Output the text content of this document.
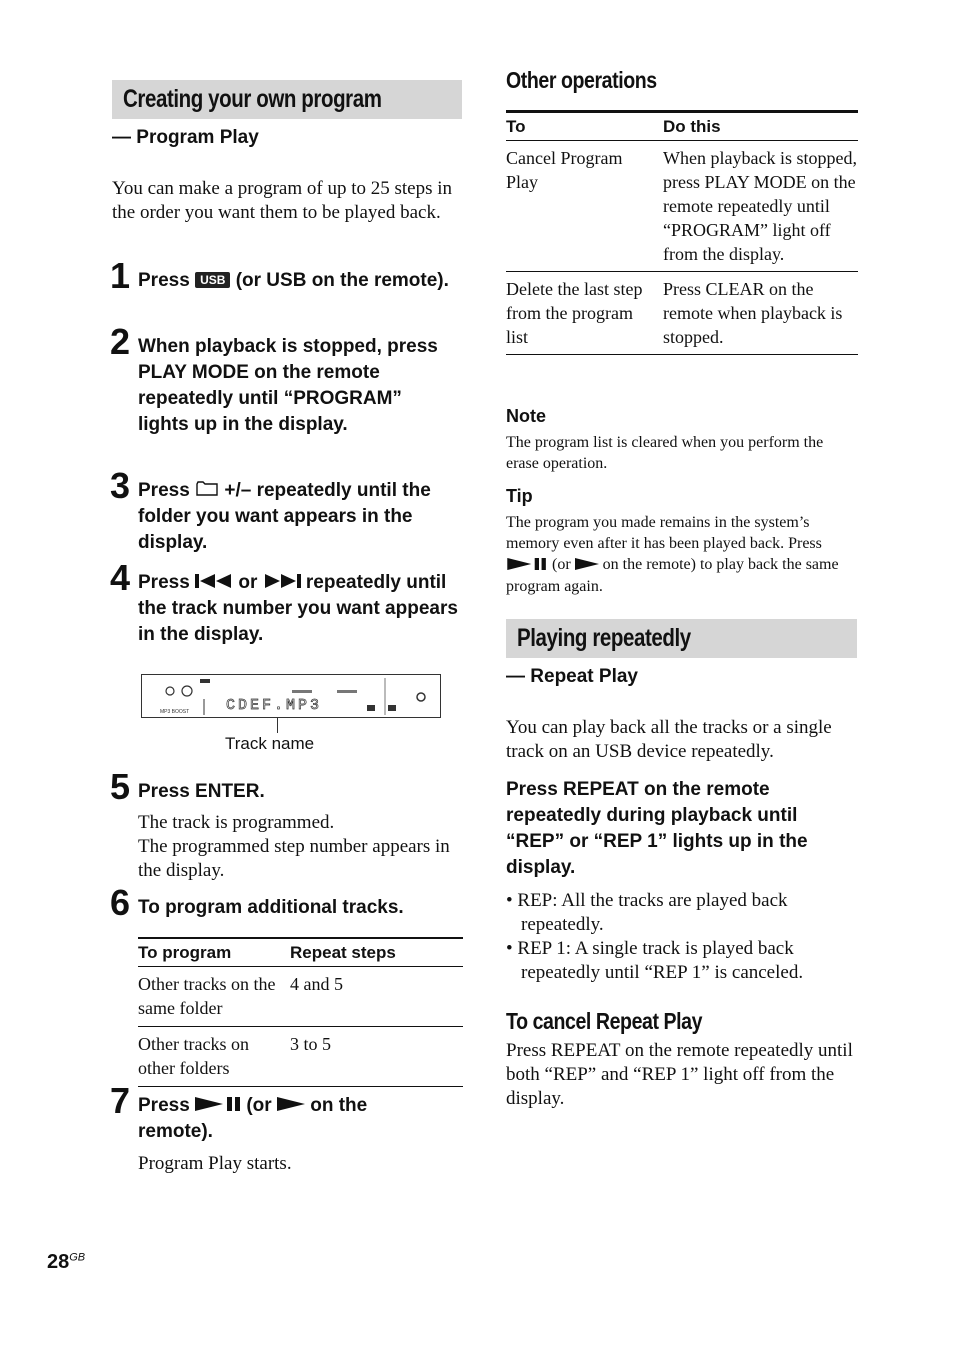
Creating your own program
— Program Play
You can make a program of up to 25 steps in the order you want them to be played back.
1 Press USB (or USB on the remote).
2 When playback is stopped, press PLAY MODE on the remote repeatedly until “PROGRAM” lights up in the display.
3 Press +/– repeatedly until the folder you want appears in the display.
4 Press	or	repeatedly until the track number you want appears in the display.
MP3 BOOST CDEF.MP3
Track name
5 Press ENTER.
The track is programmed.
The programmed step number appears in the display.
6 To program additional tracks.
To program	Repeat steps
Other tracks on the same folder	4 and 5
Other tracks on other folders	3 to 5
7 Press	(or on the remote).
Program Play starts.
Other operations
To	Do this
Cancel Program Play	When playback is stopped, press PLAY MODE on the remote repeatedly until “PROGRAM” light off from the display.
Delete the last step from the program list	Press CLEAR on the remote when playback is stopped.
Note
The program list is cleared when you perform the erase operation.
Tip
The program you made remains in the system’s memory even after it has been played back. Press  (or on the remote) to play back the same program again.
Playing repeatedly
— Repeat Play
You can play back all the tracks or a single track on an USB device repeatedly.
Press REPEAT on the remote repeatedly during playback until “REP” or “REP 1” lights up in the display.
• REP: All the tracks are played back repeatedly.
• REP 1: A single track is played back repeatedly until “REP 1” is canceled.
To cancel Repeat Play
Press REPEAT on the remote repeatedly until both “REP” and “REP 1” light off from the display.
$28^{GB}$
